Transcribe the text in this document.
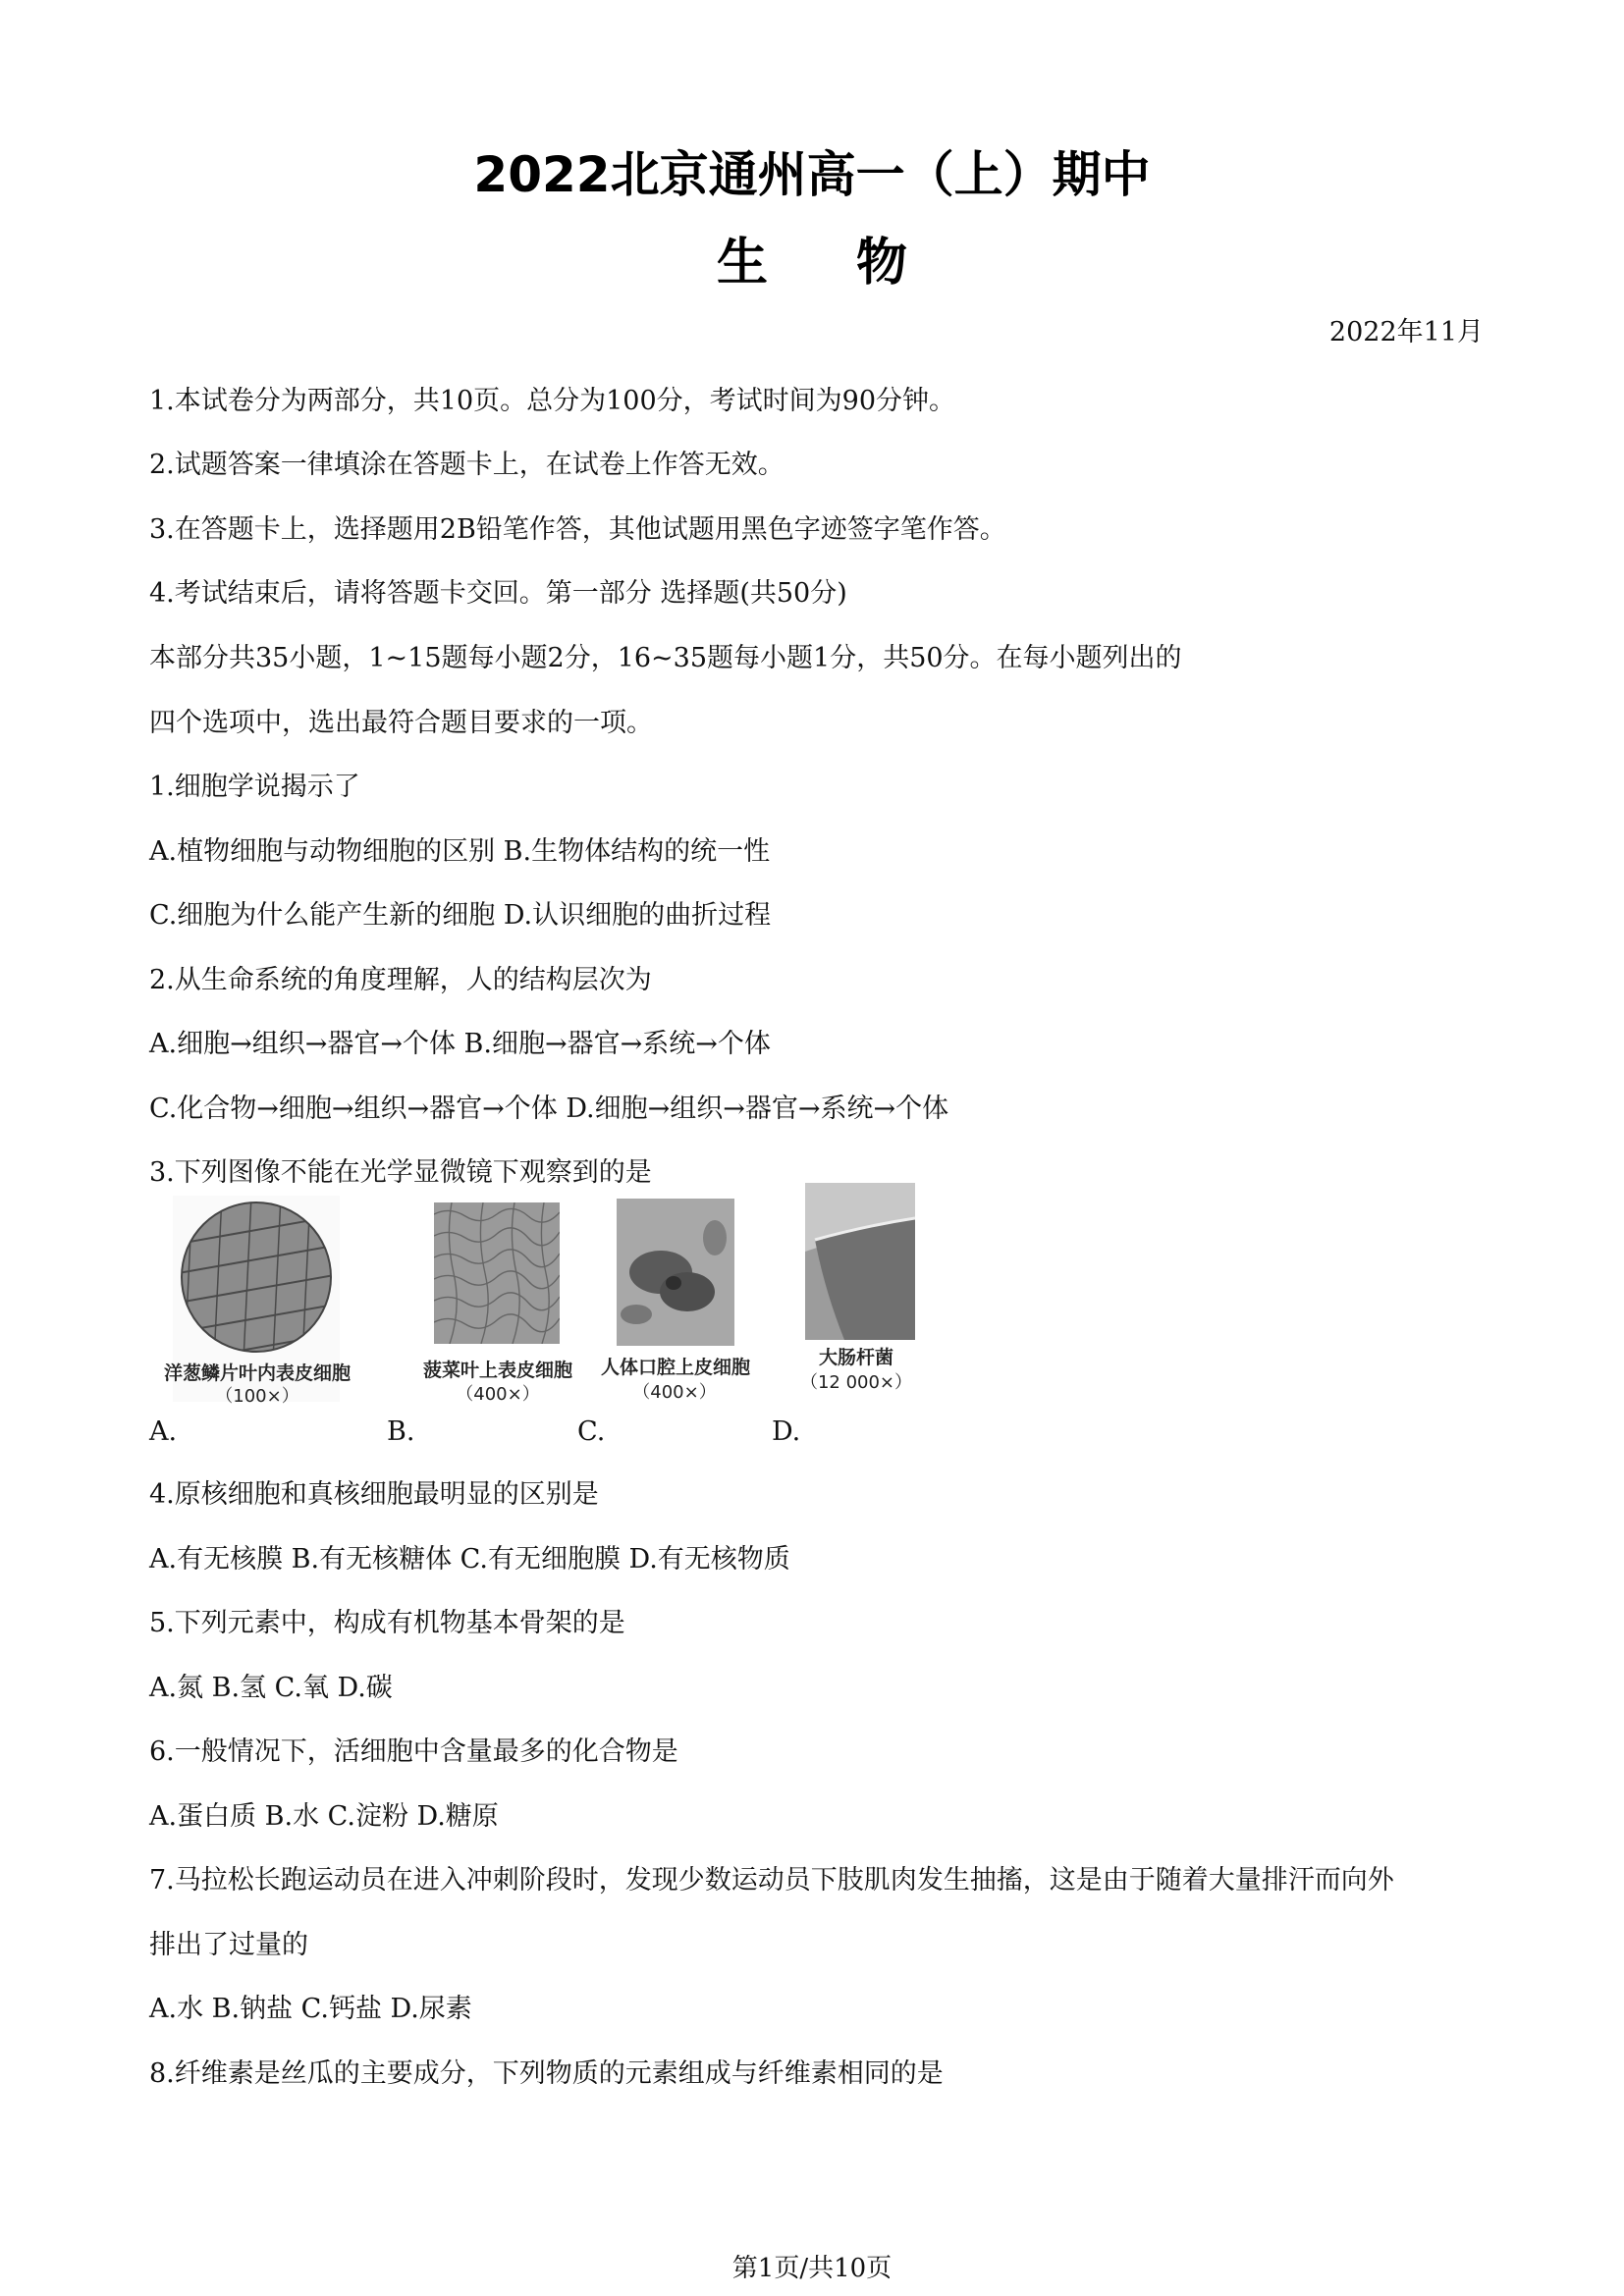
2022北京通州高一（上）期中
生物
2022年11月
1.本试卷分为两部分，共10页。总分为100分，考试时间为90分钟。
2.试题答案一律填涂在答题卡上，在试卷上作答无效。
3.在答题卡上，选择题用2B铅笔作答，其他试题用黑色字迹签字笔作答。
4.考试结束后，请将答题卡交回。第一部分 选择题(共50分)
本部分共35小题，1~15题每小题2分，16~35题每小题1分，共50分。在每小题列出的
四个选项中，选出最符合题目要求的一项。
1.细胞学说揭示了
A.植物细胞与动物细胞的区别 B.生物体结构的统一性
C.细胞为什么能产生新的细胞 D.认识细胞的曲折过程
2.从生命系统的角度理解，人的结构层次为
A.细胞→组织→器官→个体 B.细胞→器官→系统→个体
C.化合物→细胞→组织→器官→个体 D.细胞→组织→器官→系统→个体
3.下列图像不能在光学显微镜下观察到的是
A.
洋葱鳞片叶内表皮细胞
（100×）
B.
菠菜叶上表皮细胞
（400×）
C.
人体口腔上皮细胞
（400×）
D.
大肠杆菌
（12 000×）
4.原核细胞和真核细胞最明显的区别是
A.有无核膜 B.有无核糖体 C.有无细胞膜 D.有无核物质
5.下列元素中，构成有机物基本骨架的是
A.氮 B.氢 C.氧 D.碳
6.一般情况下，活细胞中含量最多的化合物是
A.蛋白质 B.水 C.淀粉 D.糖原
7.马拉松长跑运动员在进入冲刺阶段时，发现少数运动员下肢肌肉发生抽搐，这是由于随着大量排汗而向外
排出了过量的
A.水 B.钠盐 C.钙盐 D.尿素
8.纤维素是丝瓜的主要成分，下列物质的元素组成与纤维素相同的是
第1页/共10页
